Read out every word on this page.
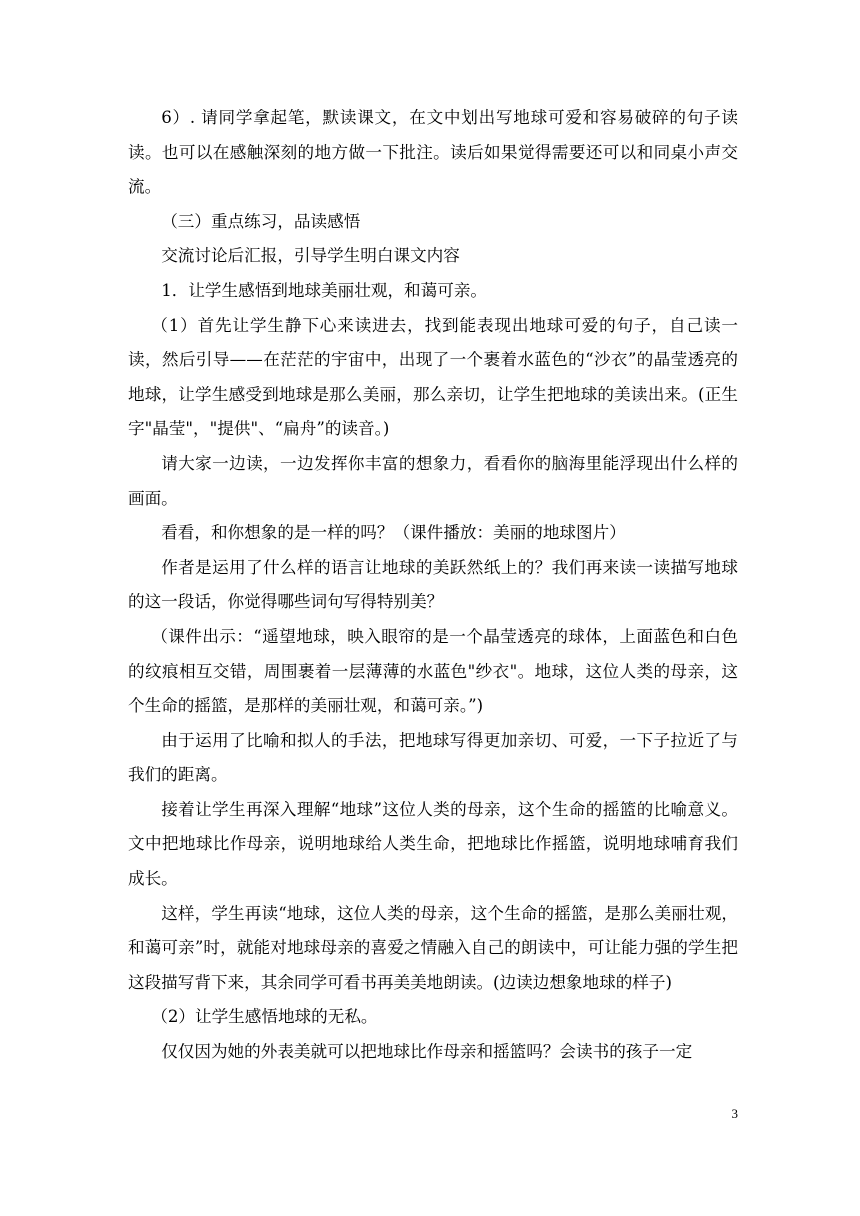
6）. 请同学拿起笔，默读课文，在文中划出写地球可爱和容易破碎的句子读读。也可以在感触深刻的地方做一下批注。读后如果觉得需要还可以和同桌小声交流。

（三）重点练习，品读感悟

交流讨论后汇报，引导学生明白课文内容

1．让学生感悟到地球美丽壮观，和蔼可亲。

（1）首先让学生静下心来读进去，找到能表现出地球可爱的句子，自己读一读，然后引导——在茫茫的宇宙中，出现了一个裹着水蓝色的“沙衣”的晶莹透亮的地球，让学生感受到地球是那么美丽，那么亲切，让学生把地球的美读出来。(正生字"晶莹"，"提供"、“扁舟”的读音。)

请大家一边读，一边发挥你丰富的想象力，看看你的脑海里能浮现出什么样的画面。

看看，和你想象的是一样的吗？（课件播放：美丽的地球图片）

作者是运用了什么样的语言让地球的美跃然纸上的？我们再来读一读描写地球的这一段话，你觉得哪些词句写得特别美？

（课件出示：“遥望地球，映入眼帘的是一个晶莹透亮的球体，上面蓝色和白色的纹痕相互交错，周围裹着一层薄薄的水蓝色"纱衣"。地球，这位人类的母亲，这个生命的摇篮，是那样的美丽壮观，和蔼可亲。”)

由于运用了比喻和拟人的手法，把地球写得更加亲切、可爱，一下子拉近了与我们的距离。

接着让学生再深入理解“地球”这位人类的母亲，这个生命的摇篮的比喻意义。文中把地球比作母亲，说明地球给人类生命，把地球比作摇篮，说明地球哺育我们成长。

这样，学生再读“地球，这位人类的母亲，这个生命的摇篮，是那么美丽壮观，和蔼可亲”时，就能对地球母亲的喜爱之情融入自己的朗读中，可让能力强的学生把这段描写背下来，其余同学可看书再美美地朗读。(边读边想象地球的样子)

（2）让学生感悟地球的无私。

仅仅因为她的外表美就可以把地球比作母亲和摇篮吗？会读书的孩子一定

3
